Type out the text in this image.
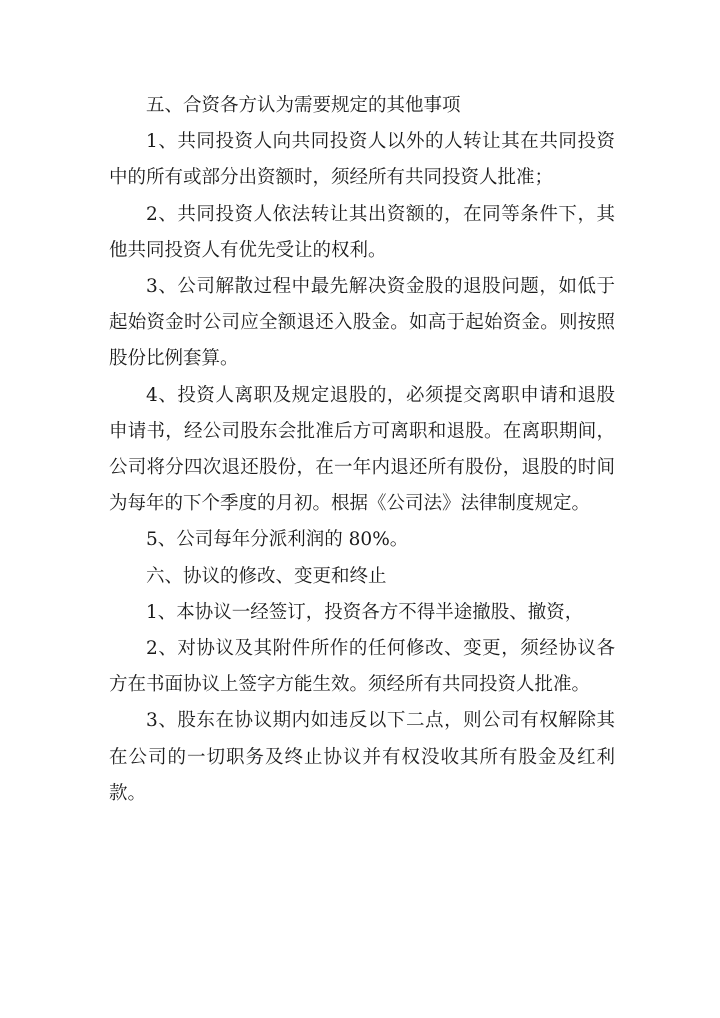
五、合资各方认为需要规定的其他事项

1、共同投资人向共同投资人以外的人转让其在共同投资中的所有或部分出资额时，须经所有共同投资人批准；

2、共同投资人依法转让其出资额的，在同等条件下，其他共同投资人有优先受让的权利。

3、公司解散过程中最先解决资金股的退股问题，如低于起始资金时公司应全额退还入股金。如高于起始资金。则按照股份比例套算。

4、投资人离职及规定退股的，必须提交离职申请和退股申请书，经公司股东会批准后方可离职和退股。在离职期间，公司将分四次退还股份，在一年内退还所有股份，退股的时间为每年的下个季度的月初。根据《公司法》法律制度规定。

5、公司每年分派利润的 80%。

六、协议的修改、变更和终止

1、本协议一经签订，投资各方不得半途撤股、撤资，

2、对协议及其附件所作的任何修改、变更，须经协议各方在书面协议上签字方能生效。须经所有共同投资人批准。

3、股东在协议期内如违反以下二点，则公司有权解除其在公司的一切职务及终止协议并有权没收其所有股金及红利款。
